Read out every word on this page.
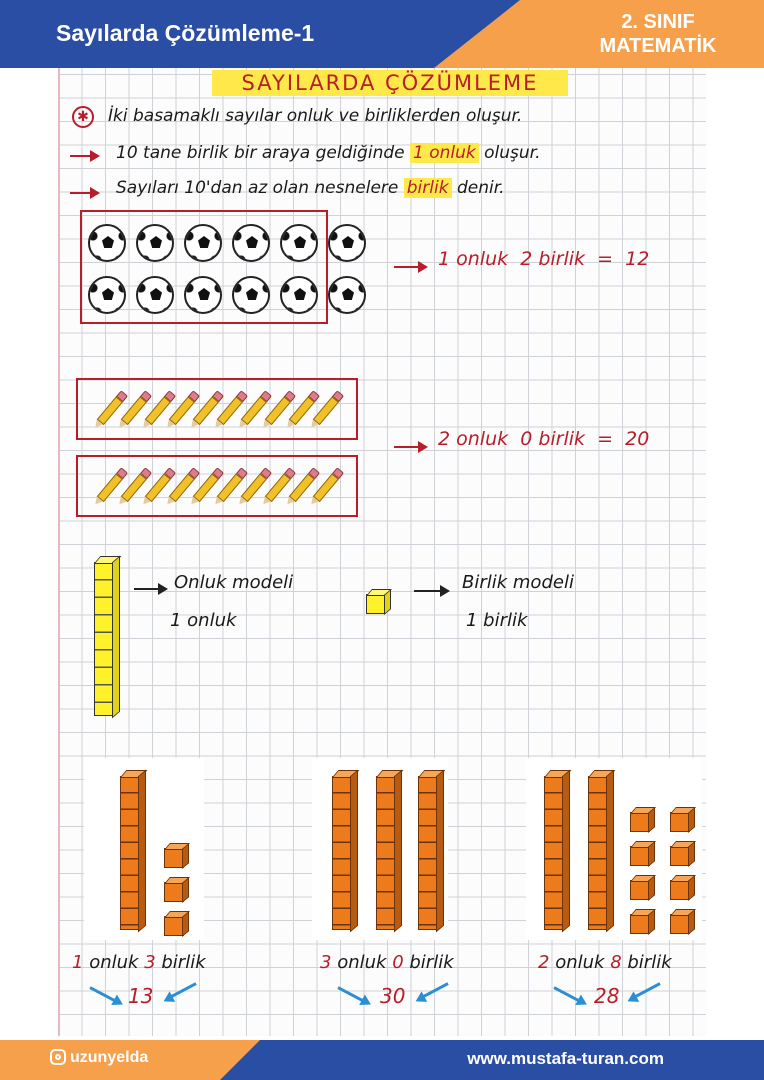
Sayılarda Çözümleme-1	2. SINIF
MATEMATİK
SAYILARDA ÇÖZÜMLEME
✱	İki basamaklı sayılar onluk ve birliklerden oluşur.
10 tane birlik bir araya geldiğinde 1 onluk oluşur.
Sayıları 10'dan az olan nesnelere birlik denir.
1 onluk 2 birlik = 12
2 onluk 0 birlik = 20
Onluk modeli
1 onluk
Birlik modeli
1 birlik
1 onluk 3 birlik
13
3 onluk 0 birlik
30
2 onluk 8 birlik
28
uzunyelda	www.mustafa-turan.com
